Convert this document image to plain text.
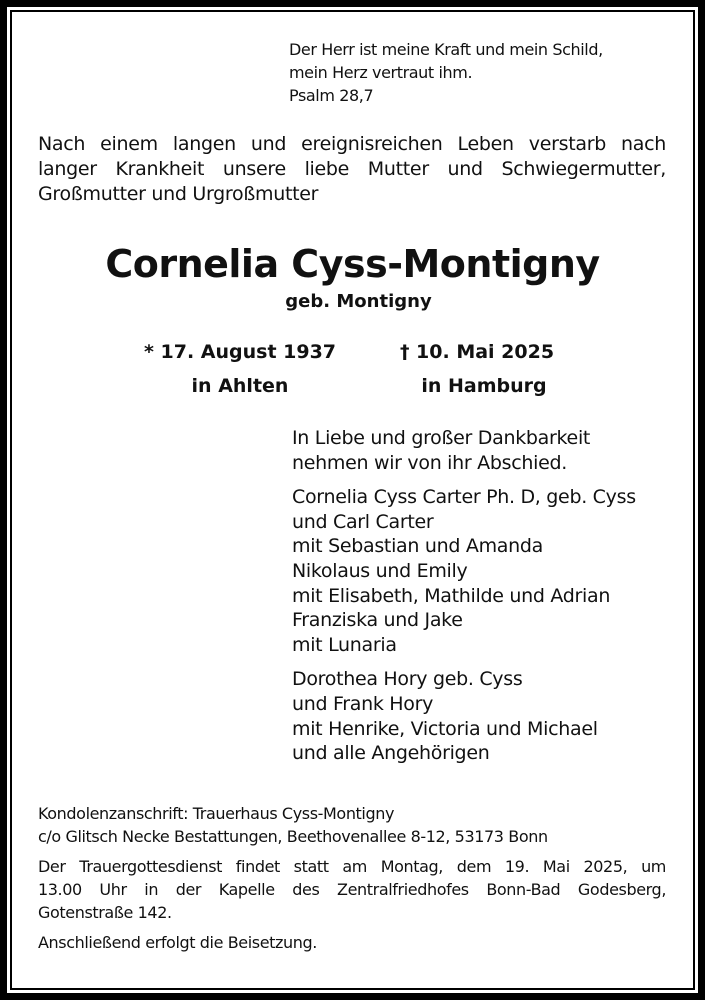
Der Herr ist meine Kraft und mein Schild,
mein Herz vertraut ihm.
Psalm 28,7
Nach einem langen und ereignisreichen Leben verstarb nach
langer Krankheit unsere liebe Mutter und Schwiegermutter,
Großmutter und Urgroßmutter
Cornelia Cyss-Montigny
geb. Montigny
* 17. August 1937
in Ahlten
† 10. Mai 2025
in Hamburg
In Liebe und großer Dankbarkeit
nehmen wir von ihr Abschied.
Cornelia Cyss Carter Ph. D, geb. Cyss
und Carl Carter
mit Sebastian und Amanda
Nikolaus und Emily
mit Elisabeth, Mathilde und Adrian
Franziska und Jake
mit Lunaria
Dorothea Hory geb. Cyss
und Frank Hory
mit Henrike, Victoria und Michael
und alle Angehörigen
Kondolenzanschrift: Trauerhaus Cyss-Montigny
c/o Glitsch Necke Bestattungen, Beethovenallee 8-12, 53173 Bonn
Der Trauergottesdienst findet statt am Montag, dem 19. Mai 2025, um
13.00 Uhr in der Kapelle des Zentralfriedhofes Bonn-Bad Godesberg,
Gotenstraße 142.
Anschließend erfolgt die Beisetzung.
